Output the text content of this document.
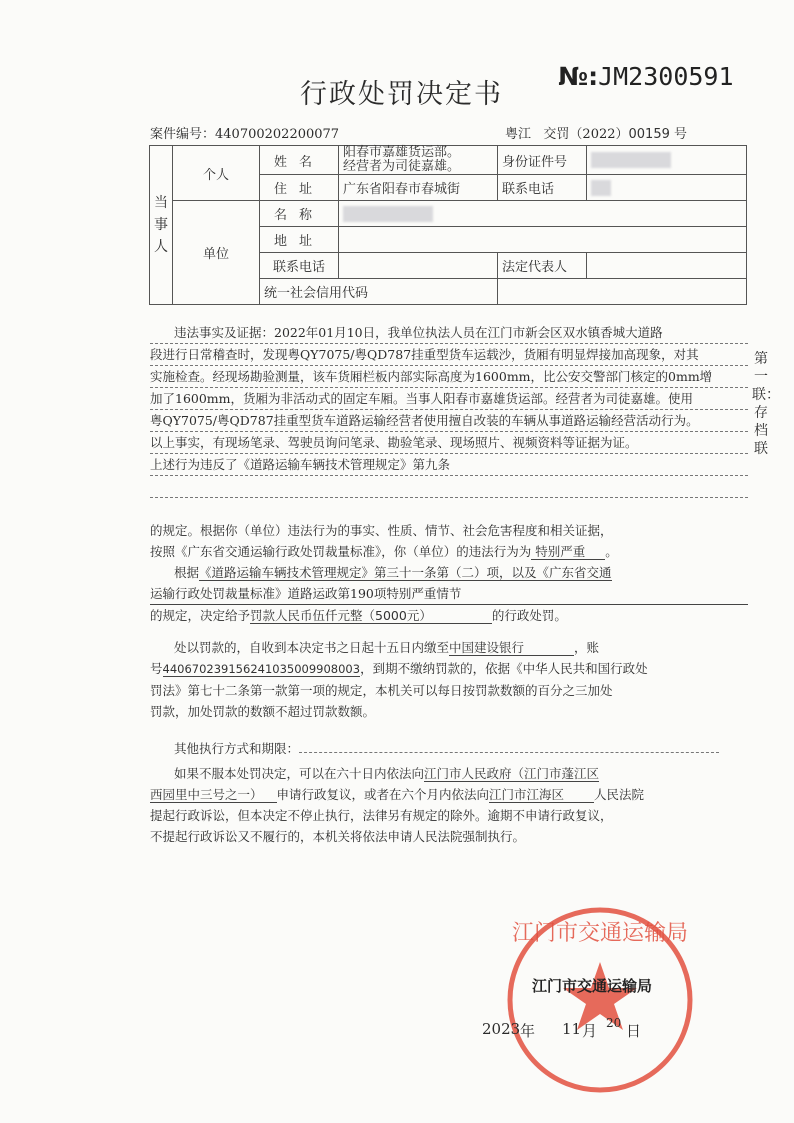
行政处罚决定书
№:JM2300591
案件编号：440700202200077	粤江 交罚（2022）00159 号
当事人	个人	姓名	阳春市嘉雄货运部。
经营者为司徒嘉雄。	身份证件号	
		住址	广东省阳春市春城街	联系电话	
	单位	名称			
		地址			
		联系电话		法定代表人	
		统一社会信用代码			
违法事实及证据：2022年01月10日，我单位执法人员在江门市新会区双水镇香城大道路
段进行日常稽查时，发现粤QY7075/粤QD787挂重型货车运载沙，货厢有明显焊接加高现象，对其
实施检查。经现场勘验测量，该车货厢栏板内部实际高度为1600mm，比公安交警部门核定的0mm增
加了1600mm，货厢为非活动式的固定车厢。当事人阳春市嘉雄货运部。经营者为司徒嘉雄。使用
粤QY7075/粤QD787挂重型货车道路运输经营者使用擅自改装的车辆从事道路运输经营活动行为。
以上事实，有现场笔录、驾驶员询问笔录、勘验笔录、现场照片、视频资料等证据为证。
上述行为违反了《道路运输车辆技术管理规定》第九条
的规定。根据你（单位）违法行为的事实、性质、情节、社会危害程度和相关证据，
按照《广东省交通运输行政处罚裁量标准》，你（单位）的违法行为为 特别严重 。
根据《道路运输车辆技术管理规定》第三十一条第（二）项，以及《广东省交通
运输行政处罚裁量标准》道路运政第190项特别严重情节
的规定，决定给予罚款人民币伍仟元整（5000元）	的行政处罚。
处以罚款的，自收到本决定书之日起十五日内缴至中国建设银行	，账
号44067023915624103500990800​3，到期不缴纳罚款的，依据《中华人民共和国行政处
罚法》第七十二条第一款第一项的规定，本机关可以每日按罚款数额的百分之三加处
罚款，加处罚款的数额不超过罚款数额。
其他执行方式和期限：
如果不服本处罚决定，可以在六十日内依法向江门市人民政府（江门市蓬江区
西园里中三号之一） 申请行政复议，或者在六个月内依法向江门市江海区 人民法院
提起行政诉讼，但本决定不停止执行，法律另有规定的除外。逾期不申请行政复议，
不提起行政诉讼又不履行的，本机关将依法申请人民法院强制执行。
第一联：存档联
江门市交通运输局
江门市交通运输局
2023 年 11 月 20 日
